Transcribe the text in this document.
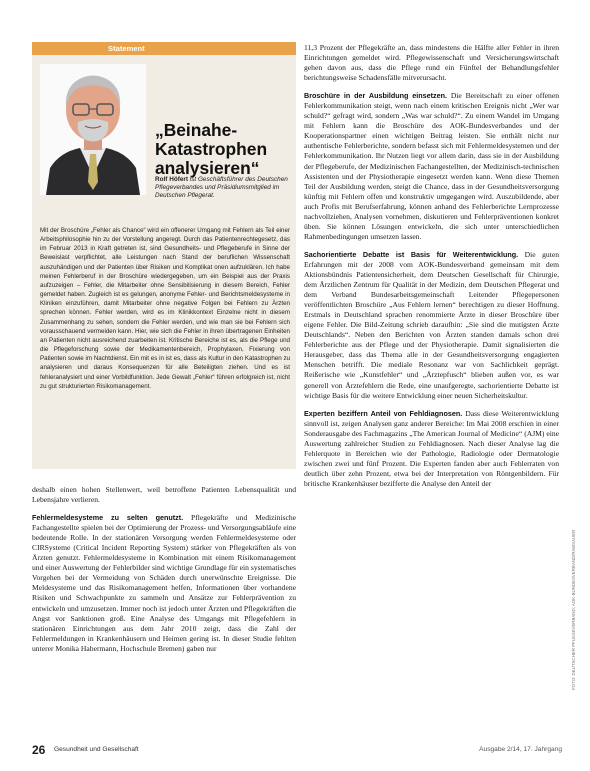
Statement
„Beinahe-Katastrophen analysieren“
Rolf Höfert ist Geschäftsführer des Deutschen Pflegeverbandes und Präsidiumsmitglied im Deutschen Pflegerat.
Mit der Broschüre „Fehler als Chance“ wird ein offenerer Umgang mit Fehlern als Teil einer Arbeitsphilosophie hin zu der Vorstellung angeregt. Durch das Patientenrechtegesetz, das im Februar 2013 in Kraft getreten ist, sind Gesundheits- und Pflegeberufe in Sinne der Beweislast verpflichtet, alle Leistungen nach Stand der beruflichen Wissenschaft auszuhändigen und der Patienten über Risiken und Komplikat onen aufzuklären. Ich habe meinen Fehlerberuf in der Broschüre wiedergegeben, um ein Beispiel aus der Praxis aufzuzeigen – Fehler, die Mitarbeiter ohne Sensibilisierung in diesem Bereich, Fehler gemeldet haben. Zugleich ist es gelungen, anonyme Fehler- und Berichtsmeldesysteme in Kliniken einzuführen, damit Mitarbeiter ohne negative Folgen bei Fehlern zu Ärzten sprechen können. Fehler werden, wird es im Klinikkontext Einzelne nicht in diesem Zusammenhang zu sehen, sondern die Fehler werden, und wie man sie bei Fehlern sich vorausschauend vermeiden kann. Hier, wie sich die Fehler in ihren übertragenen Einheiten an Patienten nicht ausreichend zuarbeiten ist. Kritische Bereiche ist es, als die Pflege und die Pflegeforschung sowie der Medikamentenbereich, Prophylaxen, Fixierung von Patienten sowie im Nachtdienst. Ein mit es in ist es, dass als Kultur in den Katastrophen zu analysieren und daraus Konsequenzen für alle Beteiligten ziehen. Und es ist fehleranalysiert und einer Vorbildfunktion. Jede Gewalt „Fehler“ führen erfolgreich ist, nicht zu gut strukturierten Risikomanagement.

deshalb einen hohen Stellenwert, weil betroffene Patienten Lebensqualität und Lebensjahre verlieren.

Fehlermeldesysteme zu selten genutzt. Pflegekräfte und Medizinische Fachangestellte spielen bei der Optimierung der Prozess- und Versorgungsabläufe eine bedeutende Rolle. In der stationären Versorgung werden Fehlermeldesysteme oder CIRSysteme (Critical Incident Reporting System) stärker von Pflegekräften als von Ärzten genutzt. Fehlermeldesysteme in Kombination mit einem Risikomanagement und einer Auswertung der Fehlerbilder sind wichtige Grundlage für ein systematisches Vorgehen bei der Vermeidung von Schäden durch unerwünschte Ereignisse. Die Meldesysteme und das Risikomanagement helfen, Informationen über vorhandene Risiken und Schwachpunkte zu sammeln und Ansätze zur Fehlerprävention zu entwickeln und umzusetzen. Immer noch ist jedoch unter Ärzten und Pflegekräften die Angst vor Sanktionen groß. Eine Analyse des Umgangs mit Pflegefehlern in stationären Einrichtungen aus dem Jahr 2010 zeigt, dass die Zahl der Fehlermeldungen in Krankenhäusern und Heimen gering ist. In dieser Studie fehlten unterer Monika Habermann, Hochschule Bremen) gaben nur

11,3 Prozent der Pflegekräfte an, dass mindestens die Hälfte aller Fehler in ihren Einrichtungen gemeldet wird. Pflegewissenschaft und Versicherungswirtschaft gehen davon aus, dass die Pflege rund ein Fünftel der Behandlungsfehler berichtungsweise Schadensfälle mitverursacht.

Broschüre in der Ausbildung einsetzen. Die Bereitschaft zu einer offenen Fehlerkommunikation steigt, wenn nach einem kritischen Ereignis nicht „Wer war schuld?“ gefragt wird, sondern „Was war schuld?“. Zu einem Wandel im Umgang mit Fehlern kann die Broschüre des AOK-Bundesverbandes und der Kooperationspartner einen wichtigen Beitrag leisten. Sie enthält nicht nur authentische Fehlerberichte, sondern befasst sich mit Fehlermeldesystemen und der Fehlerkommunikation. Ihr Nutzen liegt vor allem darin, dass sie in der Ausbildung der Pflegeberufe, der Medizinischen Fachangestellten, der Medizinisch-technischen Assistenten und der Physiotherapie eingesetzt werden kann. Wenn diese Themen Teil der Ausbildung werden, steigt die Chance, dass in der Gesundheitsversorgung künftig mit Fehlern offen und konstruktiv umgegangen wird. Auszubildende, aber auch Profis mit Berufserfahrung, können anhand des Fehlerberichte Lernprozesse nachvollziehen, Analysen vornehmen, diskutieren und Fehlerpräventionen konkret üben. Sie können Lösungen entwickeln, die sich unter unterschiedlichen Rahmenbedingungen umsetzen lassen.

Sachorientierte Debatte ist Basis für Weiterentwicklung. Die guten Erfahrungen mit der 2008 vom AOK-Bundesverband gemeinsam mit dem Aktionsbündnis Patientensicherheit, dem Deutschen Gesellschaft für Chirurgie, dem Ärztlichen Zentrum für Qualität in der Medizin, dem Deutschen Pflegerat und dem Verband Bundesarbeitsgemeinschaft Leitender Pflegepersonen veröffentlichten Broschüre „Aus Fehlern lernen“ berechtigen zu dieser Hoffnung. Erstmals in Deutschland sprachen renommierte Ärzte in dieser Broschüre über eigene Fehler. Die Bild-Zeitung schrieb daraufhin: „Sie sind die mutigsten Ärzte Deutschlands“. Neben den Berichten von Ärzten standen damals schon drei Fehlerberichte aus der Pflege und der Physiotherapie. Damit signalisierten die Herausgeber, dass das Thema alle in der Gesundheitsversorgung engagierten Menschen betrifft. Die mediale Resonanz war von Sachlichkeit geprägt. Reißerische wie „Kunstfehler“ und „Ärztepfusch“ blieben außen vor, es war generell von Ärztefehlern die Rede, eine unaufgeregte, sachorientierte Debatte ist wichtige Basis für die weitere Entwicklung einer neuen Sicherheitskultur.

Experten beziffern Anteil von Fehldiagnosen. Dass diese Weiterentwicklung sinnvoll ist, zeigen Analysen ganz anderer Bereiche: Im Mai 2008 erschien in einer Sonderausgabe des Fachmagazins „The American Journal of Medicine“ (AJM) eine Auswertung zahlreicher Studien zu Fehldiagnosen. Nach dieser Analyse lag die Fehlerquote in Bereichen wie der Pathologie, Radiologie oder Dermatologie zwischen zwei und fünf Prozent. Die Experten fanden aber auch Fehlerraten von deutlich über zehn Prozent, etwa bei der Interpretation von Röntgenbildern. Für britische Krankenhäuser bezifferte die Analyse den Anteil der

FOTO: DEUTSCHER PFLEGEVERBAND; AOK-BUNDESVERBAND/RAMSAUER
26 Gesundheit und Gesellschaft	Ausgabe 2/14, 17. Jahrgang
